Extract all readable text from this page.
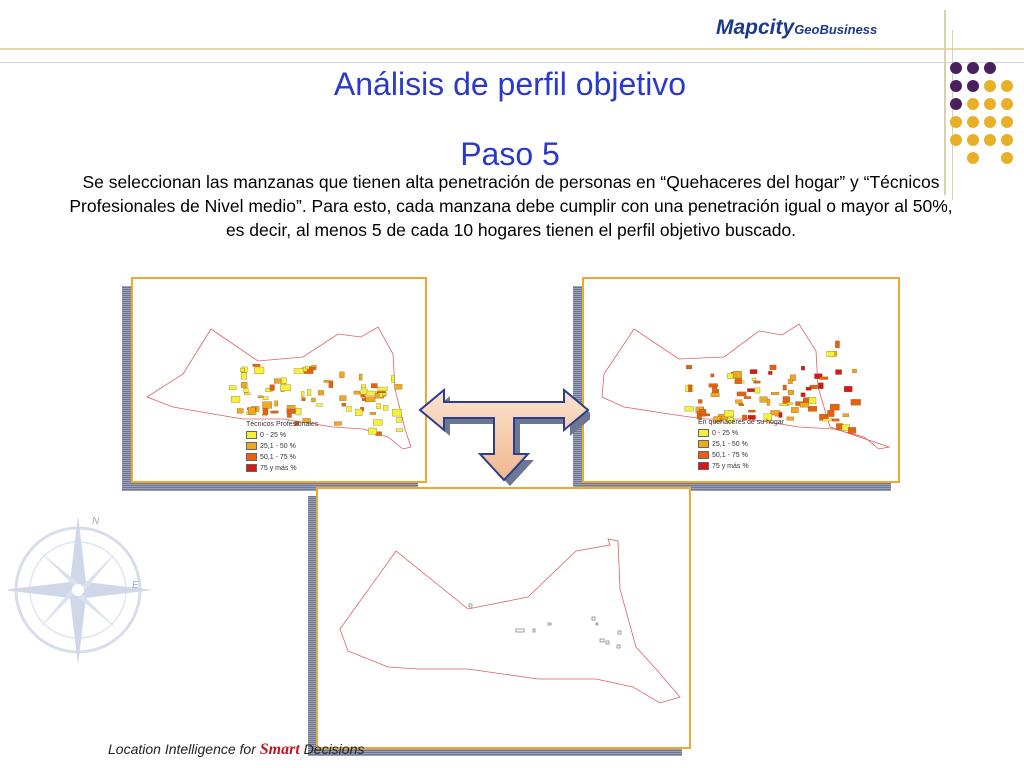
MapcityGeoBusiness
Análisis de perfil objetivo
Paso 5
Se seleccionan las manzanas que tienen alta penetración de personas en “Quehaceres del hogar” y “Técnicos Profesionales de Nivel medio”. Para esto, cada manzana debe cumplir con una penetración igual o mayor al 50%, es decir, al menos 5 de cada 10 hogares tienen el perfil objetivo buscado.
Técnicos Profesionales
0 - 25 %
25,1 - 50 %
50,1 - 75 %
75 y más %
En quehaceres de su hogar
0 - 25 %
25,1 - 50 %
50,1 - 75 %
75 y más %
N
E
Location Intelligence for Smart Decisions
